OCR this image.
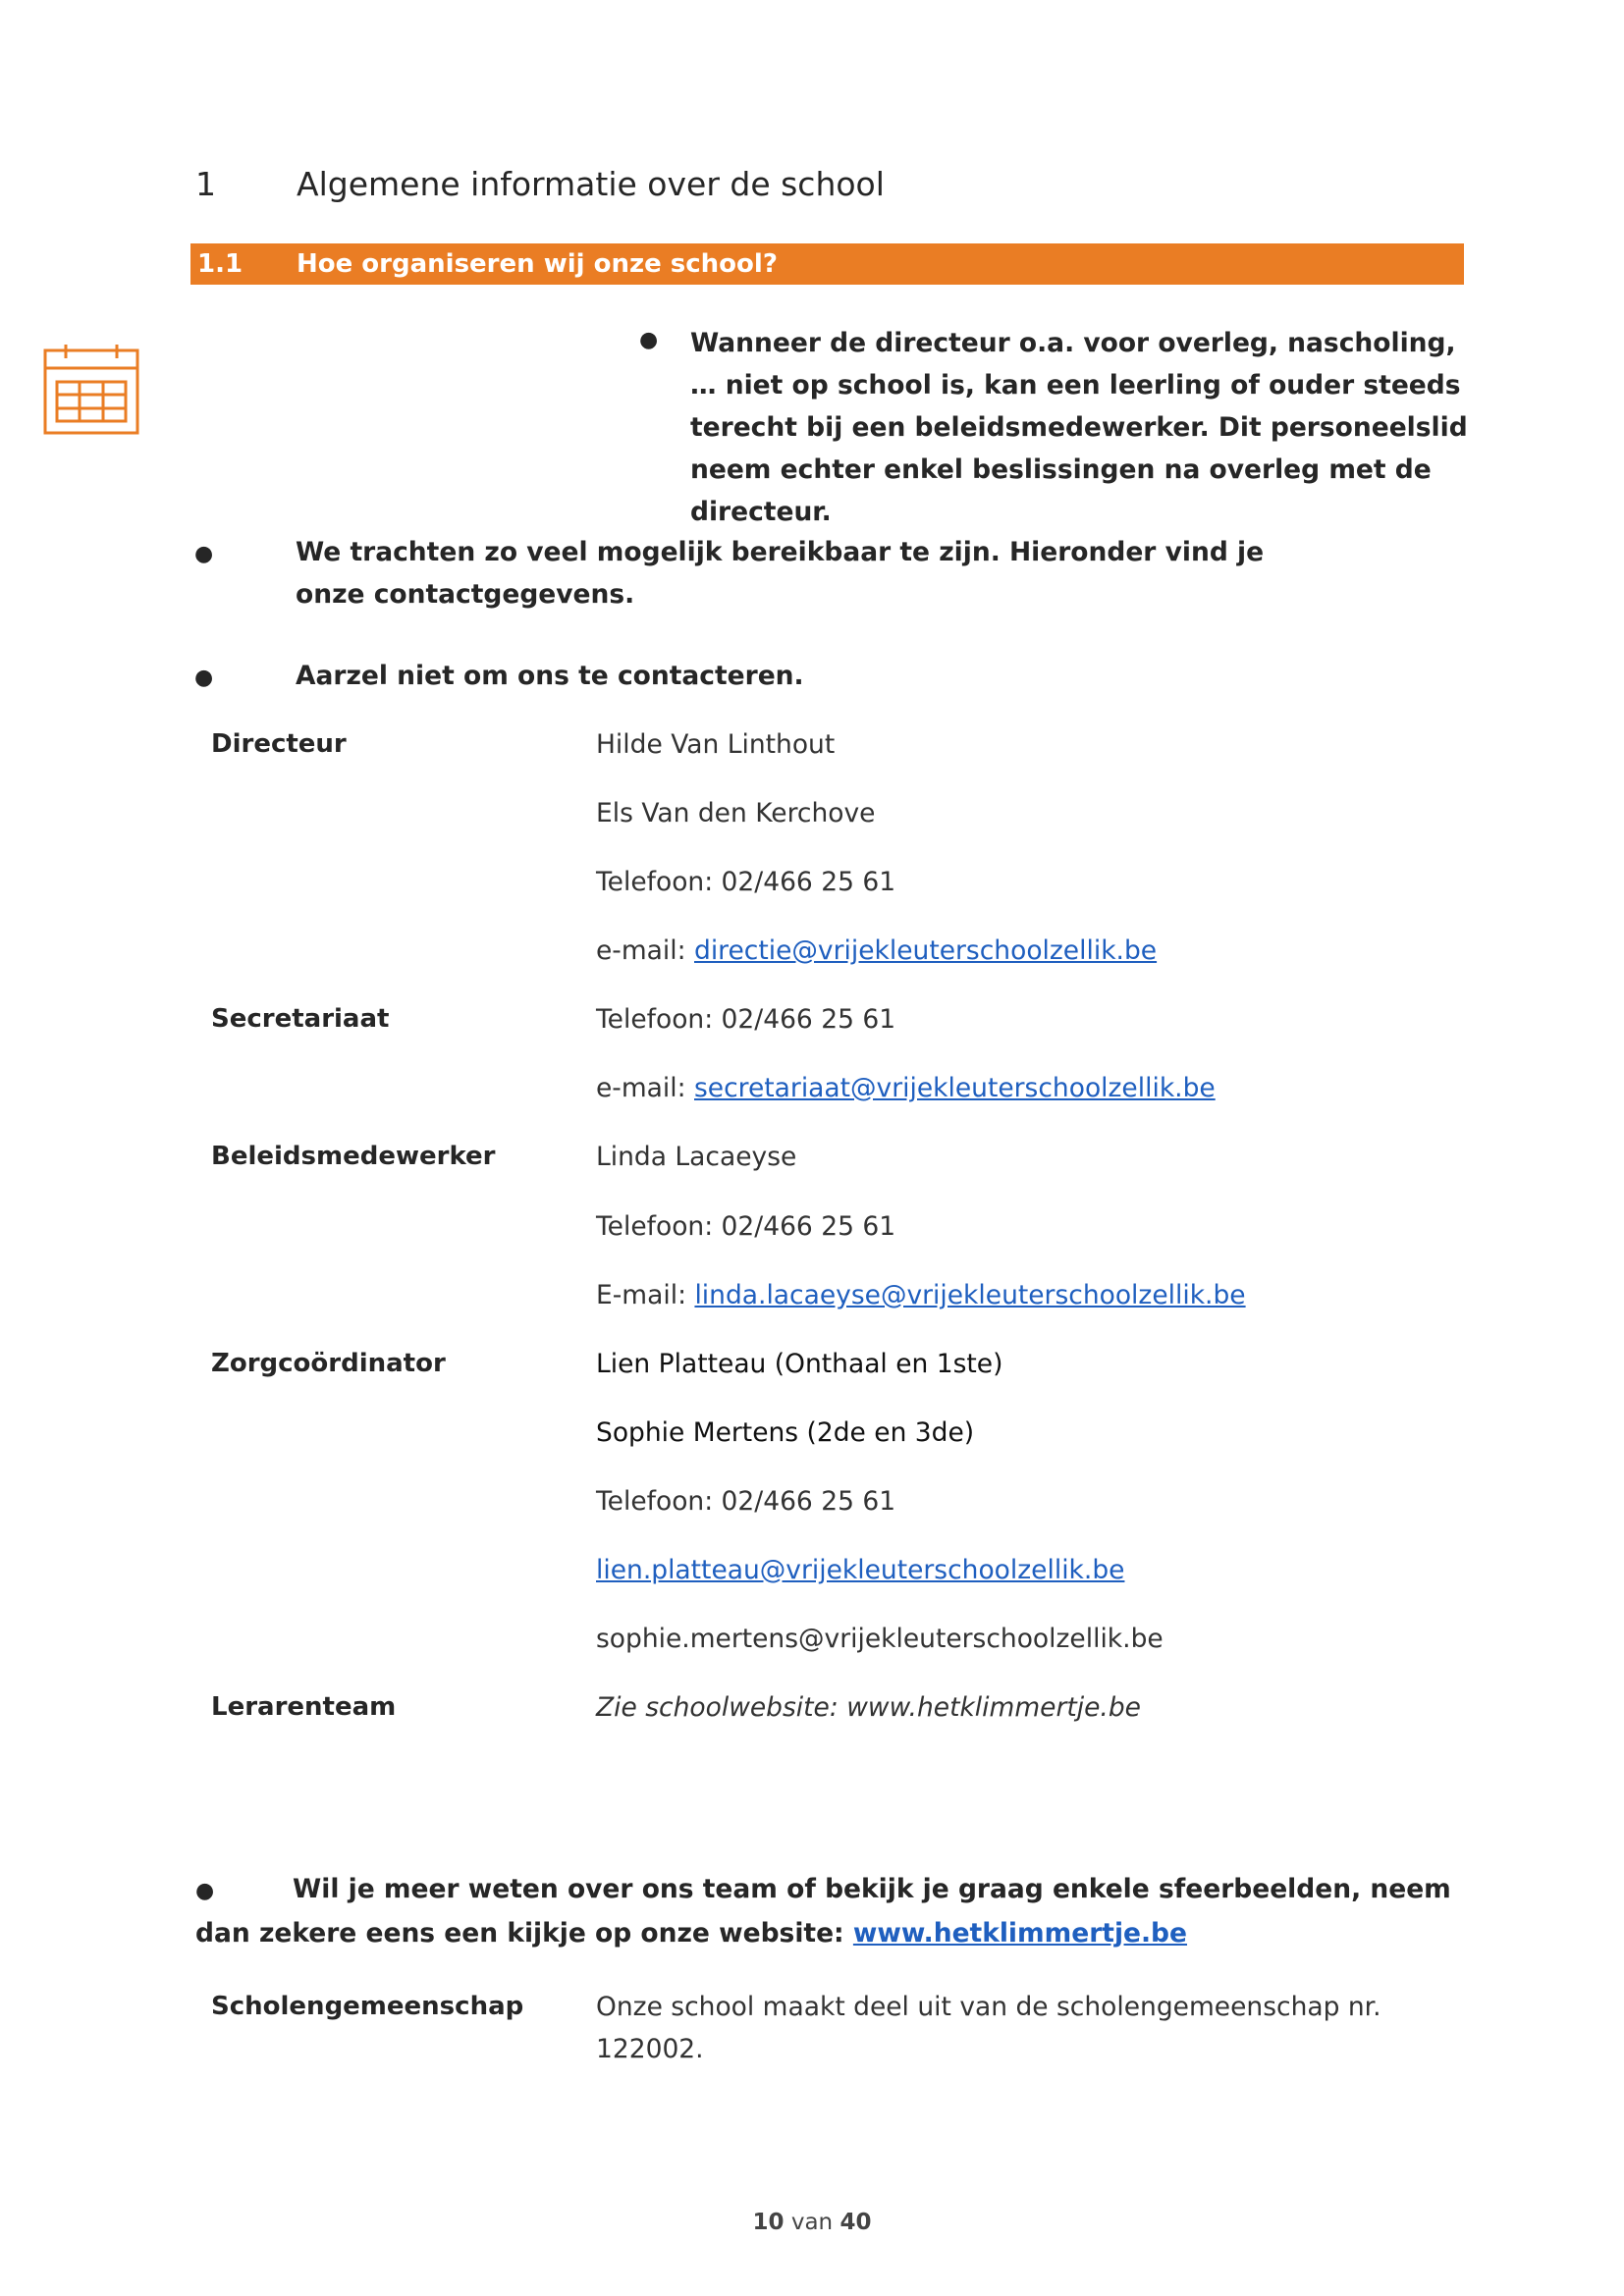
1 Algemene informatie over de school
1.1 Hoe organiseren wij onze school?
● Wanneer de directeur o.a. voor overleg, nascholing, … niet op school is, kan een leerling of ouder steeds terecht bij een beleidsmedewerker. Dit personeelslid neem echter enkel beslissingen na overleg met de directeur.
●	We trachten zo veel mogelijk bereikbaar te zijn. Hieronder vind je onze contactgegevens.
●	Aarzel niet om ons te contacteren.
Directeur	Hilde Van Linthout
Els Van den Kerchove
Telefoon: 02/466 25 61
e-mail: directie@vrijekleuterschoolzellik.be
Secretariaat	Telefoon: 02/466 25 61
e-mail: secretariaat@vrijekleuterschoolzellik.be
Beleidsmedewerker	Linda Lacaeyse
Telefoon: 02/466 25 61
E-mail: linda.lacaeyse@vrijekleuterschoolzellik.be
Zorgcoördinator	Lien Platteau (Onthaal en 1ste)
Sophie Mertens (2de en 3de)
Telefoon: 02/466 25 61
lien.platteau@vrijekleuterschoolzellik.be
sophie.mertens@vrijekleuterschoolzellik.be
Lerarenteam	Zie schoolwebsite: www.hetklimmertje.be
●	Wil je meer weten over ons team of bekijk je graag enkele sfeerbeelden, neem dan zekere eens een kijkje op onze website: www.hetklimmertje.be
Scholengemeenschap	Onze school maakt deel uit van de scholengemeenschap nr.
122002.
10 van 40
